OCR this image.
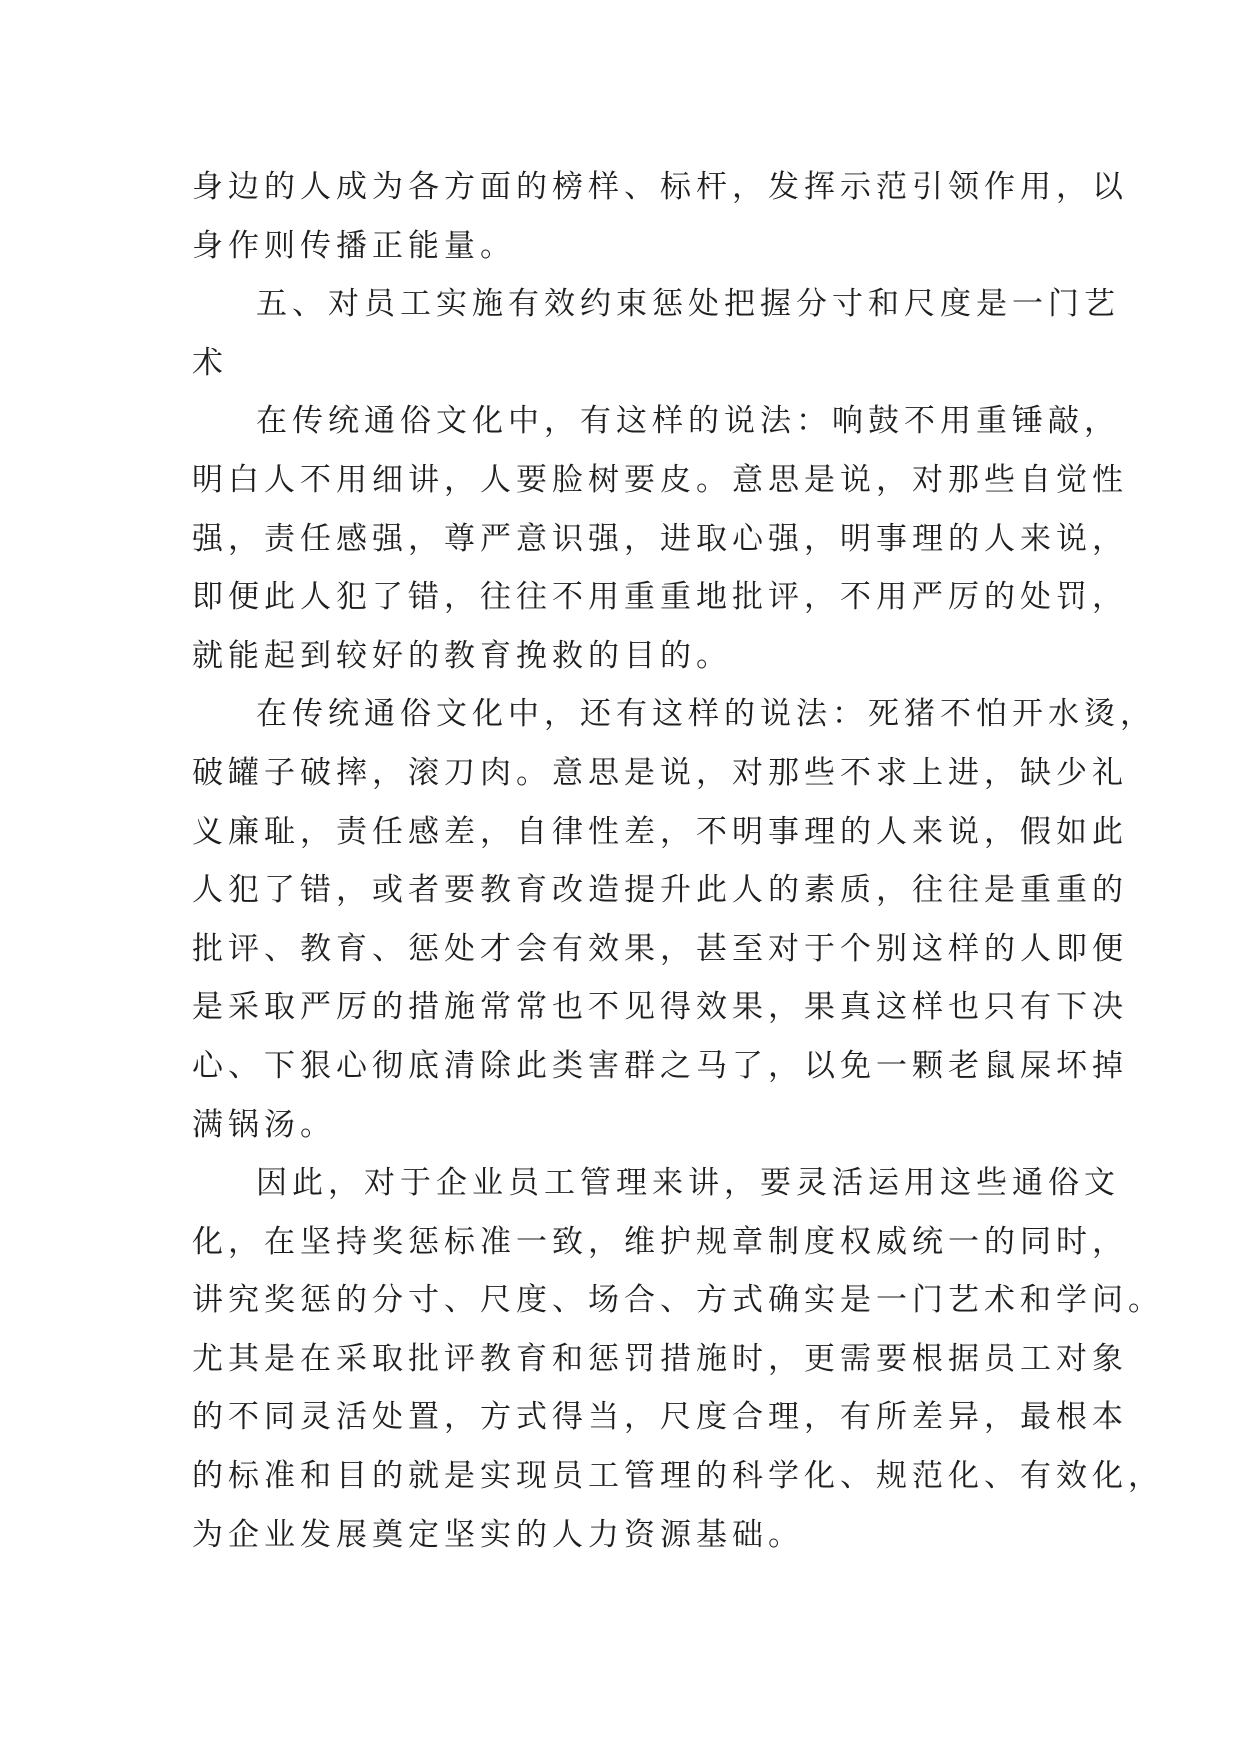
身边的人成为各方面的榜样、标杆，发挥示范引领作用，以
身作则传播正能量。
五、对员工实施有效约束惩处把握分寸和尺度是一门艺
术
在传统通俗文化中，有这样的说法：响鼓不用重锤敲，
明白人不用细讲，人要脸树要皮。意思是说，对那些自觉性
强，责任感强，尊严意识强，进取心强，明事理的人来说，
即便此人犯了错，往往不用重重地批评，不用严厉的处罚，
就能起到较好的教育挽救的目的。
在传统通俗文化中，还有这样的说法：死猪不怕开水烫，
破罐子破摔，滚刀肉。意思是说，对那些不求上进，缺少礼
义廉耻，责任感差，自律性差，不明事理的人来说，假如此
人犯了错，或者要教育改造提升此人的素质，往往是重重的
批评、教育、惩处才会有效果，甚至对于个别这样的人即便
是采取严厉的措施常常也不见得效果，果真这样也只有下决
心、下狠心彻底清除此类害群之马了，以免一颗老鼠屎坏掉
满锅汤。
因此，对于企业员工管理来讲，要灵活运用这些通俗文
化，在坚持奖惩标准一致，维护规章制度权威统一的同时，
讲究奖惩的分寸、尺度、场合、方式确实是一门艺术和学问。
尤其是在采取批评教育和惩罚措施时，更需要根据员工对象
的不同灵活处置，方式得当，尺度合理，有所差异，最根本
的标准和目的就是实现员工管理的科学化、规范化、有效化，
为企业发展奠定坚实的人力资源基础。
